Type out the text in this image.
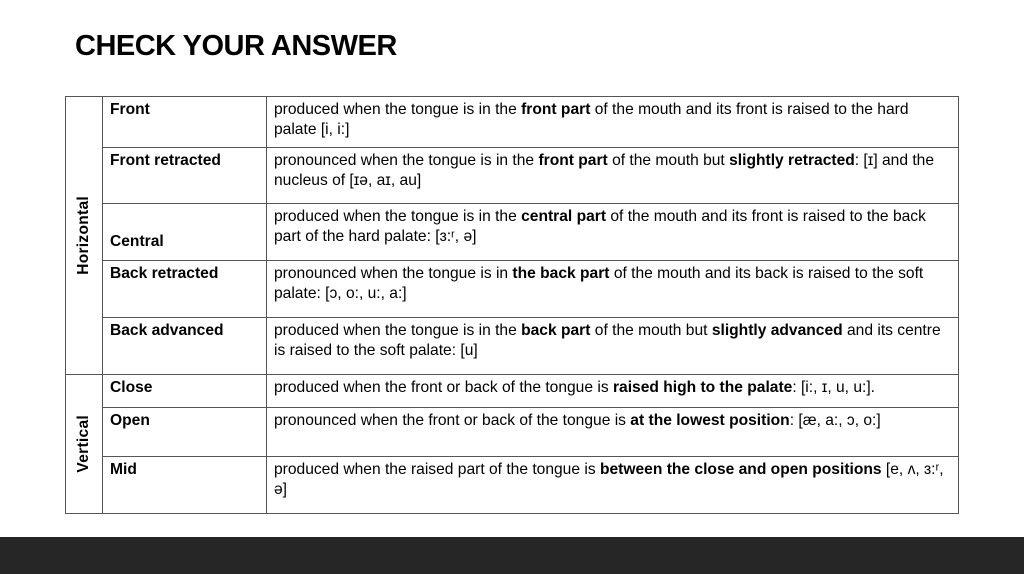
CHECK YOUR ANSWER
Horizontal	Front	produced when the tongue is in the front part of the mouth and its front is raised to the hard palate [i, i:]
	Front retracted	pronounced when the tongue is in the front part of the mouth but slightly retracted: [ɪ] and the nucleus of [ɪə, aɪ, au]
	Central	produced when the tongue is in the central part of the mouth and its front is raised to the back part of the hard palate: [ɜ:ʳ, ə]
	Back retracted	pronounced when the tongue is in the back part of the mouth and its back is raised to the soft palate: [ɔ, o:, u:, a:]
	Back advanced	produced when the tongue is in the back part of the mouth but slightly advanced and its centre is raised to the soft palate: [u]

Vertical	Close	produced when the front or back of the tongue is raised high to the palate: [i:, ɪ, u, u:].
	Open	pronounced when the front or back of the tongue is at the lowest position: [æ, a:, ɔ, o:]
	Mid	produced when the raised part of the tongue is between the close and open positions [e, ʌ, ɜ:ʳ, ə]
